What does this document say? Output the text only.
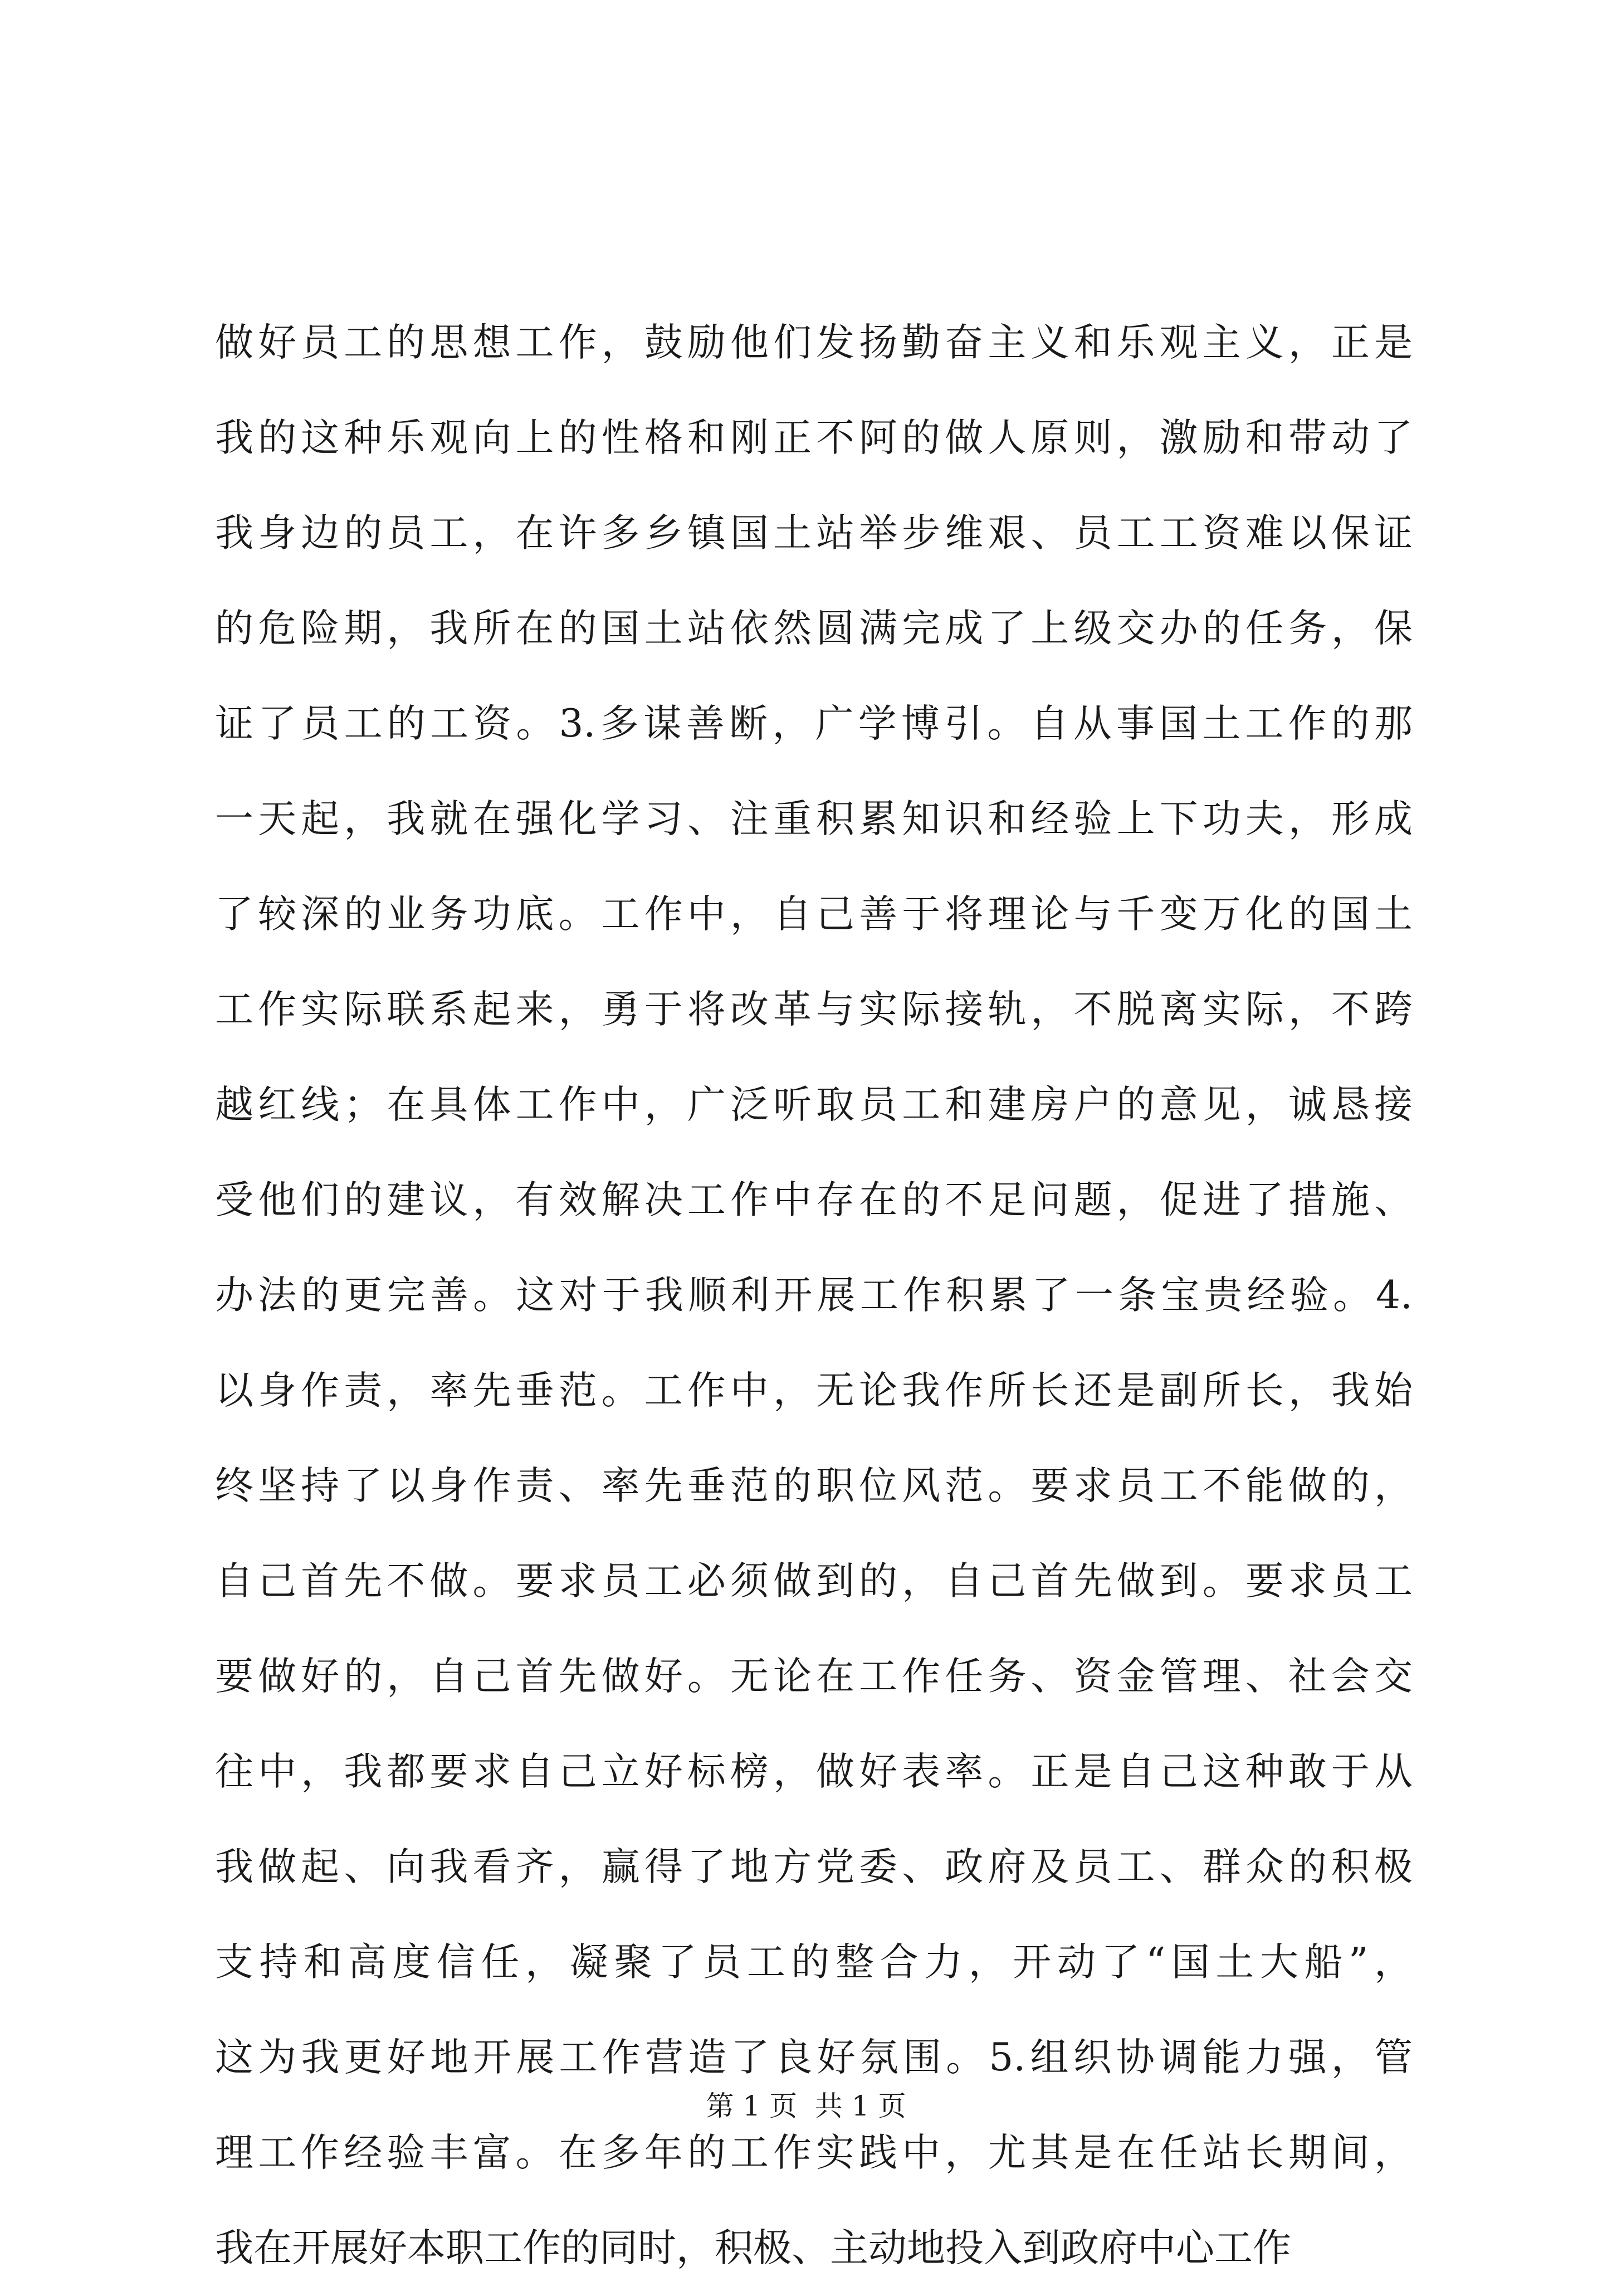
做好员工的思想工作，鼓励他们发扬勤奋主义和乐观主义，正是
我的这种乐观向上的性格和刚正不阿的做人原则，激励和带动了
我身边的员工，在许多乡镇国土站举步维艰、员工工资难以保证
的危险期，我所在的国土站依然圆满完成了上级交办的任务，保
证了员工的工资。3.多谋善断，广学博引。自从事国土工作的那
一天起，我就在强化学习、注重积累知识和经验上下功夫，形成
了较深的业务功底。工作中，自己善于将理论与千变万化的国土
工作实际联系起来，勇于将改革与实际接轨，不脱离实际，不跨
越红线；在具体工作中，广泛听取员工和建房户的意见，诚恳接
受他们的建议，有效解决工作中存在的不足问题，促进了措施、
办法的更完善。这对于我顺利开展工作积累了一条宝贵经验。4.
以身作责，率先垂范。工作中，无论我作所长还是副所长，我始
终坚持了以身作责、率先垂范的职位风范。要求员工不能做的，
自己首先不做。要求员工必须做到的，自己首先做到。要求员工
要做好的，自己首先做好。无论在工作任务、资金管理、社会交
往中，我都要求自己立好标榜，做好表率。正是自己这种敢于从
我做起、向我看齐，赢得了地方党委、政府及员工、群众的积极
支持和高度信任，凝聚了员工的整合力，开动了“国土大船”，
这为我更好地开展工作营造了良好氛围。5.组织协调能力强，管
理工作经验丰富。在多年的工作实践中，尤其是在任站长期间，
我在开展好本职工作的同时，积极、主动地投入到政府中心工作
第 1 页  共 1 页
